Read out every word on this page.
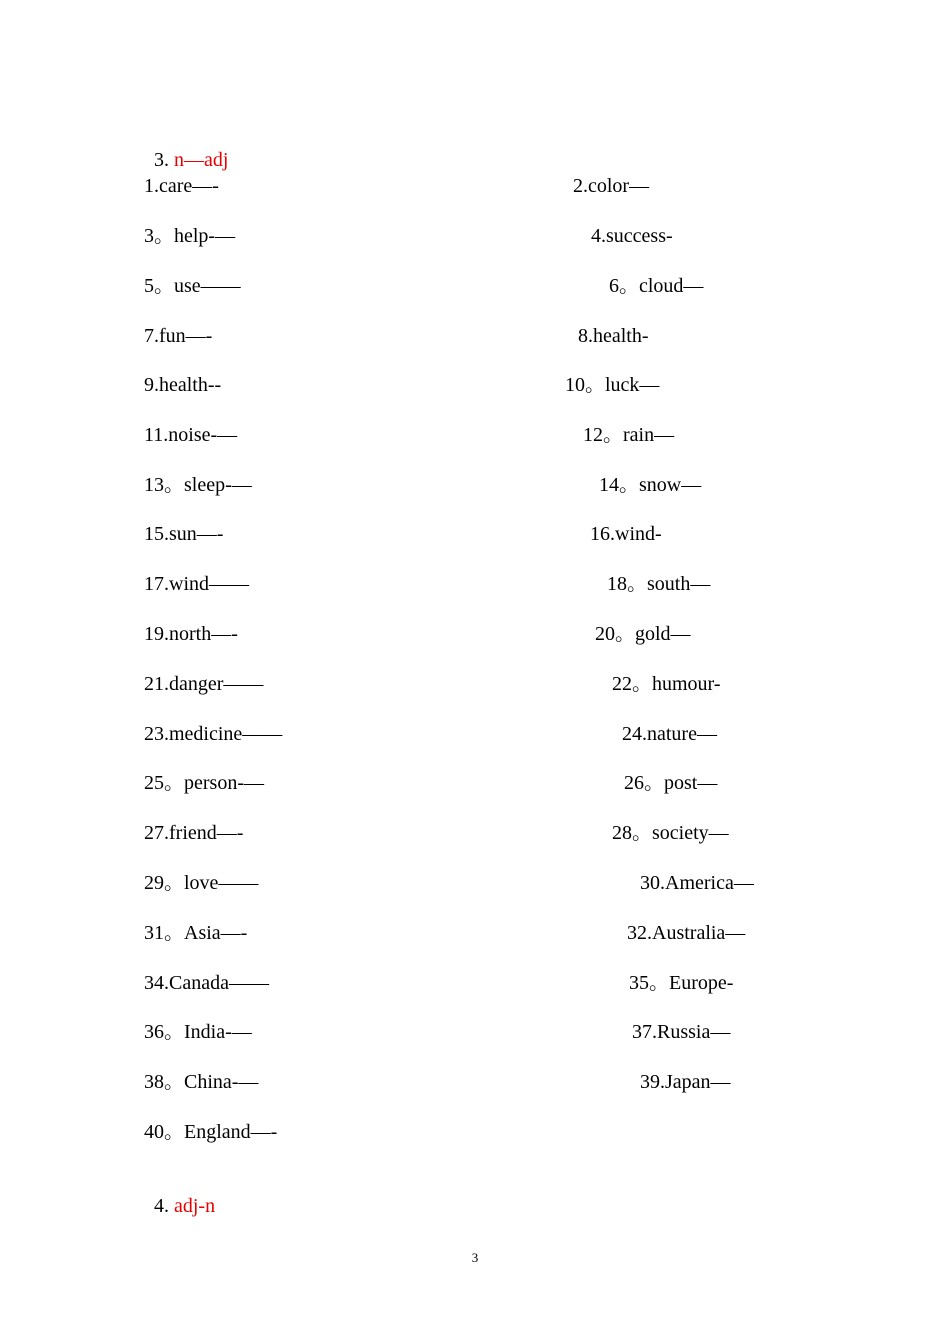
3. n—adj

1.care—-	2.color—
3。help-—	4.success-
5。use——	6。cloud—
7.fun—-	8.health-
9.health--	10。luck—
11.noise-—	12。rain—
13。sleep-—	14。snow—
15.sun—-	16.wind-
17.wind——	18。south—
19.north—-	20。gold—
21.danger——	22。humour-
23.medicine——	24.nature—
25。person-—	26。post—
27.friend—-	28。society—
29。love——	30.America—
31。Asia—-	32.Australia—
34.Canada——	35。Europe-
36。India-—	37.Russia—
38。China-—	39.Japan—
40。England—-

4. adj-n

3
